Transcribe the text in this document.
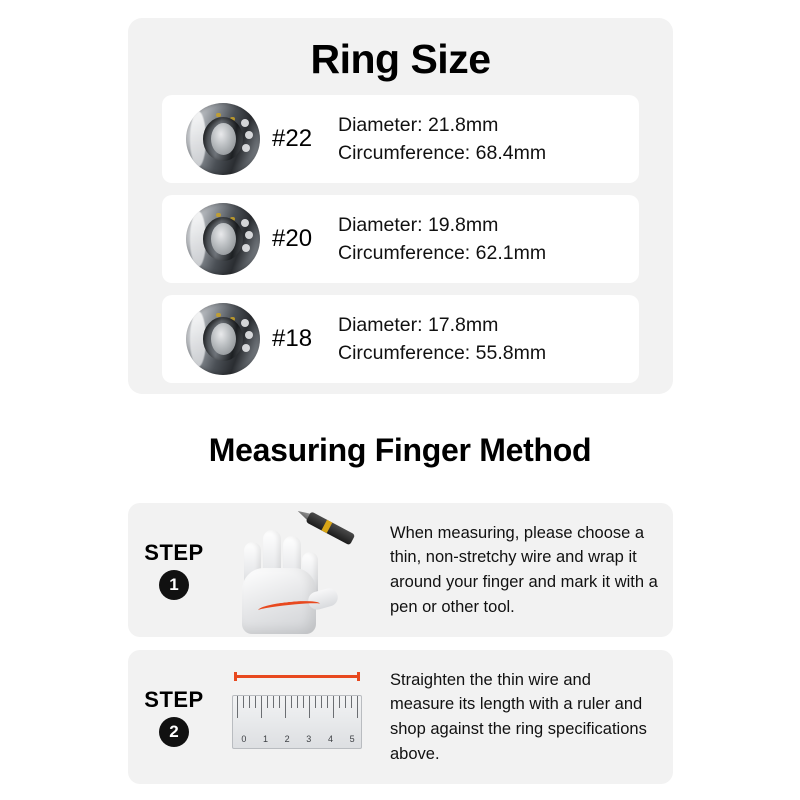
Ring Size
#22
Diameter: 21.8mm
Circumference: 68.4mm
#20
Diameter: 19.8mm
Circumference: 62.1mm
#18
Diameter: 17.8mm
Circumference: 55.8mm
Measuring Finger Method
STEP
1
When measuring, please choose a thin, non-stretchy wire and wrap it around your finger and mark it with a pen or other tool.
STEP
2	0 1 2 3 4 5
Straighten the thin wire and measure its length with a ruler and shop against the ring specifications above.
